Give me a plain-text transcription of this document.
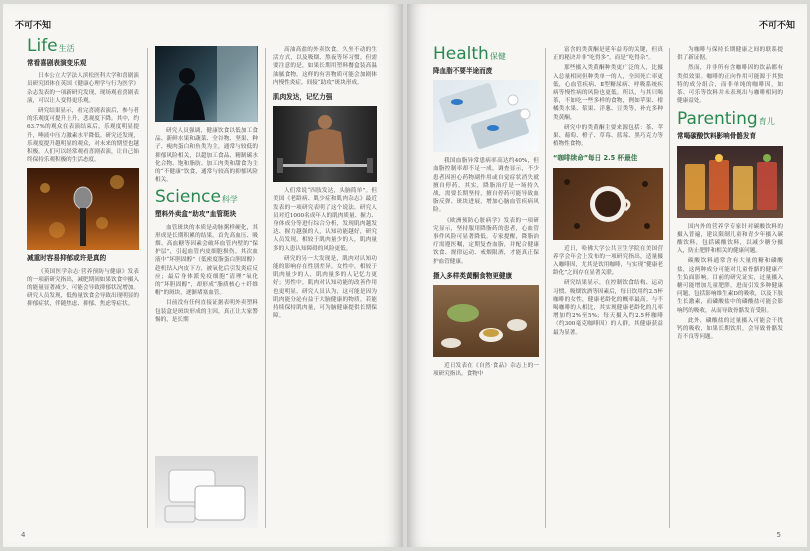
不可不知
4
Life生活
常看喜剧表演变乐观

日本公立大学法人滨松医科大学和喜剧演员研究团体在英国《健康心理学与行为医学》杂志发表的一项新研究发现，现场观看喜剧表演，可以让人变得更乐观。

研究结果显示，看完喜剧表演后，参与者的乐观度可提升上升，悲观度下降。其中，约63.7%的观众在表演结束后，乐观度明显提升，唾液中压力激素水平降低。研究还发现，乐观度提升越明显的观众，对未来的期望也越积极。人们可以经常观看喜剧表演，让自己始终保持乐观积极的生活态度。

减重时容易抑郁或许是真的

《英国医学杂志·营养预防与健康》发表的一项新研究指出，减肥期间如果饮食中摄入的能量显著减少，可能会导致抑郁状况增加。研究人员发现，低热量饮食会导致出现明显的抑郁症状，伴随焦虑、抑郁、焦虑等症状。

研究人员强调，健康饮食以低加工食品、新鲜水果和蔬菜、全谷物、坚果、种子、瘦肉蛋白和鱼类为主，通常与较低的抑郁风险相关，以超加工食品、精制碳水化合物、饱和脂肪、加工肉类和甜食为主的“不健康”饮食，通常与较高的抑郁风险相关。

Science科学
塑料外卖盒“助攻”血管斑块

血管斑块的本质是动脉粥样硬化，其形成是长期积累的结果。首先高血压、吸烟、高血糖等因素会破坏血管内壁的“保护层”，引起血管内皮细胞损伤。其次血液中“坏胆固醇”（低密度脂蛋白胆固醇）趁机钻入内皮下方，被氧化后引发炎症反应；最后身体派免疫细胞“清理”氧化的“坏胆固醇”，却形成“脂质核心＋纤维帽”的斑块，逐渐堵塞血管。

目前没有任何直接证据表明外卖塑料包装盒是斑块形成的主因，真正让大家警惕的，是长期

高油高盐的外卖饮食。久坐不动的生活方式，以及吸烟、熬夜等坏习惯。但需要注意的是，如果长期用塑料餐盒装高温油腻食物，这样的有害物质可能会加剧体内慢性炎症，间接“助攻”斑块形成。

肌肉发达，记忆力强

人们常说“四肢发达，头脑简单”。但美国《老龄病、肌少症和肌肉杂志》最近发表的一项研究表明了这个说法。研究人员对近1000名成年人的肌肉质量、握力、身体成分等进行综合分析，发现肌肉越发达、握力越强的人，认知功能越好，研究人员发现，相较于肌肉量少的人，肌肉量多的人患认知障碍的风险更低。

研究的另一大发现是，肌肉对认知功能的影响存在性别差异。女性中，相较于肌肉量少的人，肌肉量多的人记忆力更好；男性中，肌肉对认知功能的改善作用也更明显。研究人员认为，这可能是因为肌肉能分泌有益于大脑健康的物质。若能持续保持肌肉量，可为脑健康提供长期保障。

不可不知
5
Health保健
降血脂不要半途而废

我国血脂异常患病率高达约40%，但血脂控制率却不足一成。调查显示，不少患者因担心药物副作用或自觉症状消失就擅自停药。其实，降脂治疗是一场持久战，需要长期坚持，擅自停药可能导致血脂反弹、斑块进展，增加心脑血管疾病风险。

《欧洲预防心脏病学》发表的一项研究显示，坚持服用降脂药的患者，心血管事件风险可显著降低。专家提醒，降脂治疗需遵医嘱，定期复查血脂，并配合健康饮食、规律运动、戒烟限酒，才能真正保护血管健康。

摄入多样类黄酮食物更健康

近日发表在《自然·食品》杂志上的一项研究指出，食物中

富含的类黄酮是延年益寿的关键，但真正的秘诀并非“吃得多”，而是“吃得杂”。

那些摄入类黄酮种类更广泛的人，比摄入总量相同但种类单一的人，全因死亡率更低，心血管疾病、Ⅱ型糖尿病、呼吸系统疾病等慢性病的风险也更低。所以，与其只喝茶，不如吃一些多样的食物，例如苹果、柑橘类水果、浆果、洋葱、豆类等，补充多种类黄酮。

研究中的类黄酮主要来源包括：茶、苹果、葡萄、橙子、草莓、蓝莓、黑巧克力等植物性食物。

“咖啡续命”每日 2.5 杯最佳

近日，哈佛大学公共卫生学院在美国营养学会年会上发布的一项研究指出，适量摄入咖啡因，尤其是饮用咖啡，与实现“健康老龄化”之间存在显著关联。

研究结果显示，在控制饮食结构、运动习惯、吸烟饮酒等因素后，每日饮用约2.5杯咖啡的女性，健康老龄化的概率最高。与不喝咖啡的人相比，其实现健康老龄化的几率增加约2%至5%；每天摄入约2.5杯咖啡（约300毫克咖啡因）的人群，其健康获益最为显著。

为咖啡与保持长期健康之间的联系提供了新证据。

然而，并非所有含咖啡因的饮品都有类似效果。咖啡的正向作用可能源于其独特的成分组合，而非单纯的咖啡因，如茶、可乐等饮料并未表现出与咖啡相同的健康益处。

Parenting育儿
常喝碳酸饮料影响骨骼发育

国内外的营养学专家针对碳酸饮料的摄入普遍，建议限制儿童和青少年摄入碳酸饮料，包括碳酸饮料，以减少糖分摄入，防止肥胖和相关的健康问题。

碳酸饮料通常含有大量的糖和磷酸盐，这两种成分可能对儿童骨骼的健康产生负面影响。目前的研究证实，过量摄入糖可能增加儿童肥胖，进而引发多种健康问题，包括影响维生素D的吸收，以及下肢生长激素，而磷酸盐中的磷酸盐可能会影响钙的吸收，从而导致骨骼发育受阻。

此外，磷酸盐的过量摄入可能会干扰钙的吸收，如果长期饮用，会导致骨骼发育不良等问题。
